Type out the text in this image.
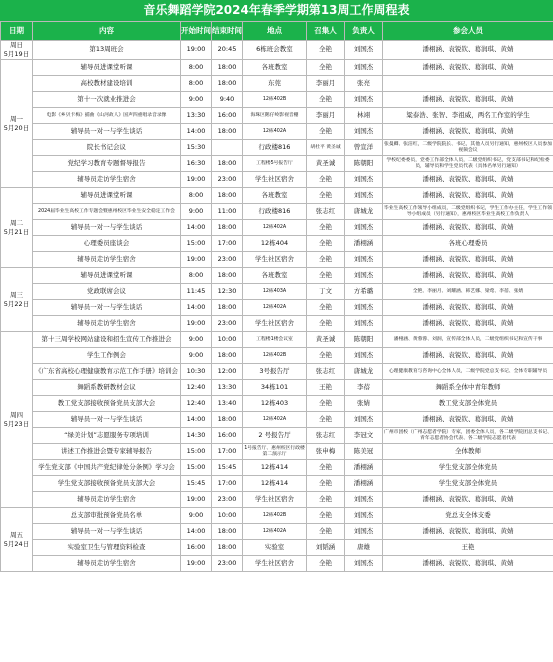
音乐舞蹈学院2024年春季学期第13周工作周程表
日期	内容	开始时间	结束时间	地点	召集人	负责人	参会人员
周日
5月19日	第13周班会	19:00	20:45	6栋班会教室	全艳	刘国杰	潘栩涵、袁锐钦、葛润琪、黄婧
周一
5月20日	辅导员进课堂听课	8:00	18:00	各班教室	全艳	刘国杰	潘栩涵、袁锐钦、葛润琪、黄婧
	高校教材建设培训	8:00	18:00	东莞	李丽月	张亮	
	第十一次就业推进会	9:00	9:40	12栋402B	全艳	刘国杰	潘栩涵、袁锐钦、葛润琪、黄婧
	电影《乡贝卡梅》捕曲《山河故人》国声四重唱录音录像	13:30	16:00	海珠区鹅仔岭影视音棚	李丽月	林翊	粱泰浩、张智、李祖威，两名工作室的学生
	辅导员一对一与学生谈话	14:00	18:00	12栋402A	全艳	刘国杰	潘栩涵、袁锐钦、葛润琪、黄婧
	院长书记会议	15:30		行政楼816	胡杜平 黄圣诚	曾宣洋	张曼卿、张洁红，二级学院院长、书记，其他人员另行通知，惠州校区人员参加视频会议
	党纪学习教育专题督导报告	16:30	18:00	工程楼5号报告厅	黄圣诚	陈朝阳	学校纪委委员，党委工作部全体人员，二级党组织书记，党支部书记和纪检委员，辅导员和学生党员代表（具体名单另行通知）
	辅导员走访学生宿舍	19:00	23:00	学生社区宿舍	全艳	刘国杰	潘栩涵、袁锐钦、葛润琪、黄婧
周二
5月21日	辅导员进课堂听课	8:00	18:00	各班教室	全艳	刘国杰	潘栩涵、袁锐钦、葛润琪、黄婧
	2024届毕业生高校工作专题会暨惠州校区毕业生安全稳定工作会	9:00	11:00	行政楼816	张志红	唐城龙	毕业生高校工作领导小组成员，二级党组织书记，学生工作办主任，学生工作领导小组成员（另行通知），惠州校区毕业生高校工作负责人
	辅导员一对一与学生谈话	14:00	18:00	12栋402A	全艳	刘国杰	潘栩涵、袁锐钦、葛润琪、黄婧
	心理委员座谈会	15:00	17:00	12栋404	全艳	潘栩涵	各班心理委员
	辅导员走访学生宿舍	19:00	23:00	学生社区宿舍	全艳	刘国杰	潘栩涵、袁锐钦、葛润琪、黄婧
周三
5月22日	辅导员进课堂听课	8:00	18:00	各班教室	全艳	刘国杰	潘栩涵、袁锐钦、葛润琪、黄婧
	党政联席会议	11:45	12:30	12栋403A	丁文	方希璐	全艳、李丽月、刘耀涵、韩艺娜、梁莺、李蓓、张婧
	辅导员一对一与学生谈话	14:00	18:00	12栋402A	全艳	刘国杰	潘栩涵、袁锐钦、葛润琪、黄婧
	辅导员走访学生宿舍	19:00	23:00	学生社区宿舍	全艳	刘国杰	潘栩涵、袁锐钦、葛润琪、黄婧
周四
5月23日	第十三周学校网站建设和招生宣传工作推进会	9:00	10:00	工程楼1楼会议室	黄圣诚	陈朝阳	潘栩涵、黄蓉蓉、刘洞，宣传部全体人员，二级党组织书记和宣传干事
	学生工作例会	9:00	18:00	12栋402B	全艳	刘国杰	潘栩涵、袁锐钦、葛润琪、黄婧
	《广东省高校心理健康教育示范工作手册》培训会	10:30	12:00	3号报告厅	张志红	唐城龙	心理健康教育与咨询中心全体人员，二级学院党总支书记、全体专职辅导员
	舞蹈系教研教材会议	12:40	13:30	34栋101	王艳	李蓓	舞蹈系全体中青年教师
	教工党支部接收预备党员支部大会	12:40	13:40	12栋403	全艳	张婧	教工党支部全体党员
	辅导员一对一与学生谈话	14:00	18:00	12栋402A	全艳	刘国杰	潘栩涵、袁锐钦、葛润琪、黄婧
	“绿美计划”志愿服务专项培训	14:30	16:00	2 号报告厅	张志红	李冠文	广州市团校（广州志愿者学院）专家，团委全体人员，各二级学院团总支书记、青年志愿者协会代表、各二级学院志愿者代表
	讲述工作推进会暨专家辅导报告	15:00	17:00	1号报告厅、惠州校区行政楼第二演示厅	张申梅	陈美冠	全体教师
	学生党支部《中国共产党纪律处分条例》学习会	15:00	15:45	12栋414	全艳	潘栩涵	学生党支部全体党员
	学生党支部接收预备党员支部大会	15:45	17:00	12栋414	全艳	潘栩涵	学生党支部全体党员
	辅导员走访学生宿舍	19:00	23:00	学生社区宿舍	全艳	刘国杰	潘栩涵、袁锐钦、葛润琪、黄婧
周五
5月24日	总支部审批预备党员名单	9:00	10:00	12栋402B	全艳	刘国杰	党总支全体支委
	辅导员一对一与学生谈话	14:00	18:00	12栋402A	全艳	刘国杰	潘栩涵、袁锐钦、葛润琪、黄婧
	实验室卫生与管理资料检查	16:00	18:00	实验室	刘韬涵	唐雄	王艳
	辅导员走访学生宿舍	19:00	23:00	学生社区宿舍	全艳	刘国杰	潘栩涵、袁锐钦、葛润琪、黄婧
